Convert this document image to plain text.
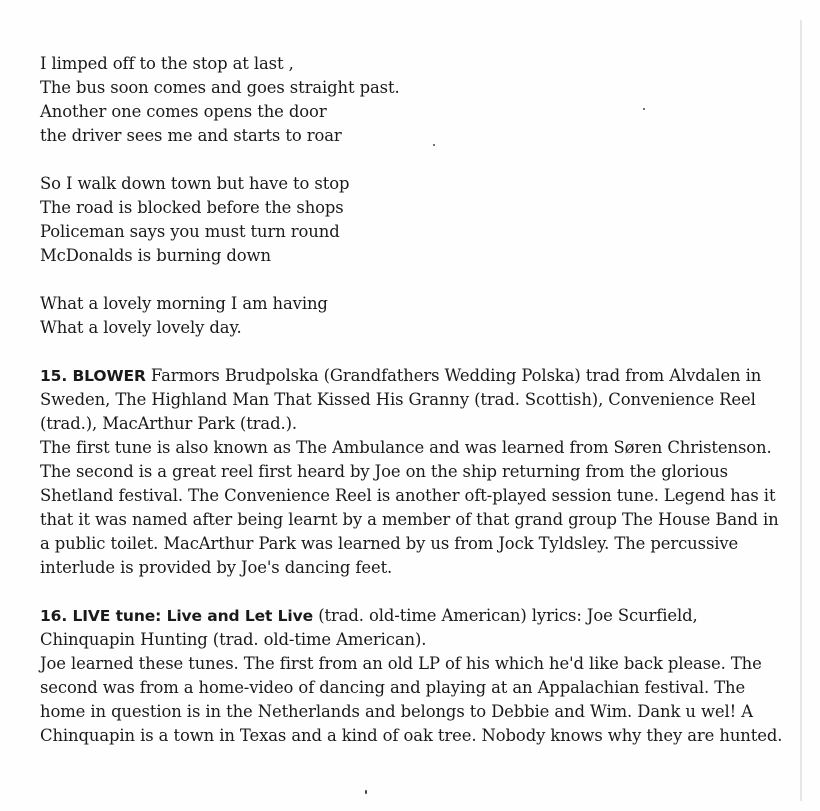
I limped off to the stop at last ,
The bus soon comes and goes straight past.
Another one comes opens the door
the driver sees me and starts to roar

So I walk down town but have to stop
The road is blocked before the shops
Policeman says you must turn round
McDonalds is burning down

What a lovely morning I am having
What a lovely lovely day.

15. BLOWER Farmors Brudpolska (Grandfathers Wedding Polska) trad from Alvdalen in Sweden, The Highland Man That Kissed His Granny (trad. Scottish), Convenience Reel (trad.), MacArthur Park (trad.).
The first tune is also known as The Ambulance and was learned from Søren Christenson. The second is a great reel first heard by Joe on the ship returning from the glorious Shetland festival. The Convenience Reel is another oft-played session tune. Legend has it that it was named after being learnt by a member of that grand group The House Band in a public toilet. MacArthur Park was learned by us from Jock Tyldsley. The percussive interlude is provided by Joe's dancing feet.
16. LIVE tune: Live and Let Live (trad. old-time American) lyrics: Joe Scurfield, Chinquapin Hunting (trad. old-time American).
Joe learned these tunes. The first from an old LP of his which he'd like back please. The second was from a home-video of dancing and playing at an Appalachian festival. The home in question is in the Netherlands and belongs to Debbie and Wim. Dank u wel! A Chinquapin is a town in Texas and a kind of oak tree. Nobody knows why they are hunted.
